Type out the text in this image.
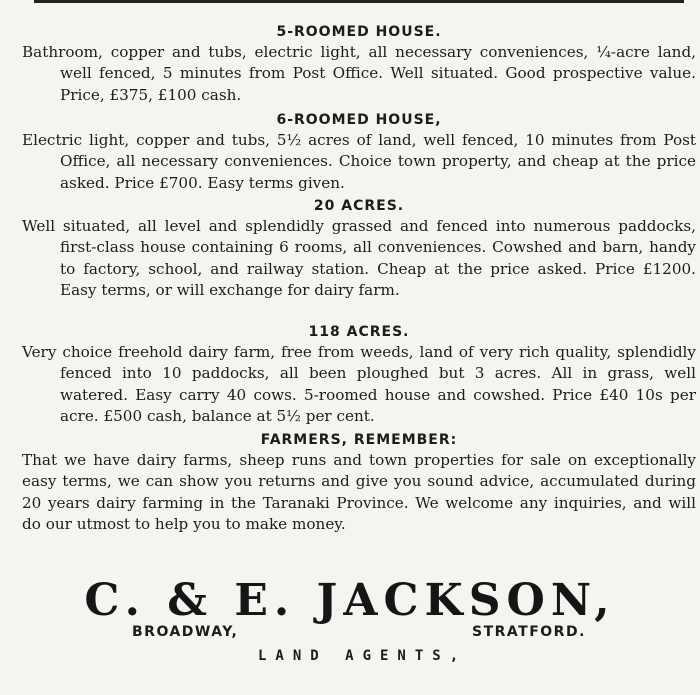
5-ROOMED HOUSE.

Bathroom, copper and tubs, electric light, all necessary conveniences, ¼-acre land, well fenced, 5 minutes from Post Office. Well situated. Good prospective value. Price, £375, £100 cash.

6-ROOMED HOUSE,

Electric light, copper and tubs, 5½ acres of land, well fenced, 10 minutes from Post Office, all necessary conveniences. Choice town property, and cheap at the price asked. Price £700. Easy terms given.

20 ACRES.

Well situated, all level and splendidly grassed and fenced into numerous paddocks, first-class house containing 6 rooms, all conveniences. Cowshed and barn, handy to factory, school, and railway station. Cheap at the price asked. Price £1200. Easy terms, or will exchange for dairy farm.

118 ACRES.

Very choice freehold dairy farm, free from weeds, land of very rich quality, splendidly fenced into 10 paddocks, all been ploughed but 3 acres. All in grass, well watered. Easy carry 40 cows. 5-roomed house and cowshed. Price £40 10s per acre. £500 cash, balance at 5½ per cent.

FARMERS, REMEMBER:

That we have dairy farms, sheep runs and town properties for sale on exceptionally easy terms, we can show you returns and give you sound advice, accumulated during 20 years dairy farming in the Taranaki Province. We welcome any inquiries, and will do our utmost to help you to make money.

C. & E. JACKSON,
BROADWAY,	STRATFORD.
LAND AGENTS,
